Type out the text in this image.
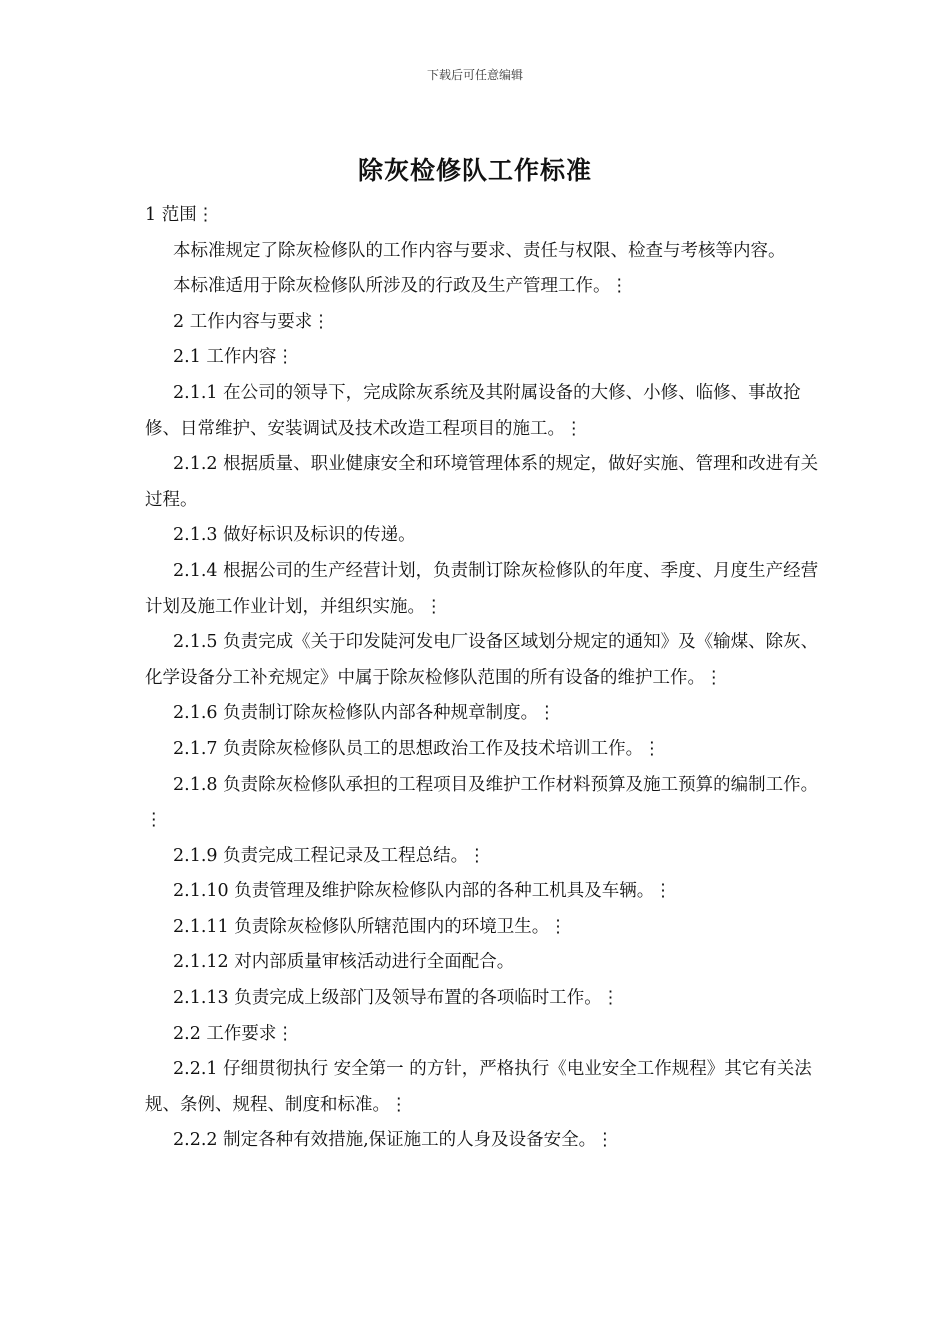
下载后可任意编辑
除灰检修队工作标准

1 范围⋮

本标准规定了除灰检修队的工作内容与要求、责任与权限、检查与考核等内容。

本标准适用于除灰检修队所涉及的行政及生产管理工作。⋮

2 工作内容与要求⋮

2.1 工作内容⋮

2.1.1 在公司的领导下，完成除灰系统及其附属设备的大修、小修、临修、事故抢修、日常维护、安装调试及技术改造工程项目的施工。⋮

2.1.2 根据质量、职业健康安全和环境管理体系的规定，做好实施、管理和改进有关过程。

2.1.3 做好标识及标识的传递。

2.1.4 根据公司的生产经营计划，负责制订除灰检修队的年度、季度、月度生产经营计划及施工作业计划，并组织实施。⋮

2.1.5 负责完成《关于印发陡河发电厂设备区域划分规定的通知》及《输煤、除灰、化学设备分工补充规定》中属于除灰检修队范围的所有设备的维护工作。⋮

2.1.6 负责制订除灰检修队内部各种规章制度。⋮

2.1.7 负责除灰检修队员工的思想政治工作及技术培训工作。⋮

2.1.8 负责除灰检修队承担的工程项目及维护工作材料预算及施工预算的编制工作。⋮

2.1.9 负责完成工程记录及工程总结。⋮

2.1.10 负责管理及维护除灰检修队内部的各种工机具及车辆。⋮

2.1.11 负责除灰检修队所辖范围内的环境卫生。⋮

2.1.12 对内部质量审核活动进行全面配合。

2.1.13 负责完成上级部门及领导布置的各项临时工作。⋮

2.2 工作要求⋮

2.2.1 仔细贯彻执行 安全第一 的方针，严格执行《电业安全工作规程》其它有关法规、条例、规程、制度和标准。⋮

2.2.2 制定各种有效措施,保证施工的人身及设备安全。⋮
